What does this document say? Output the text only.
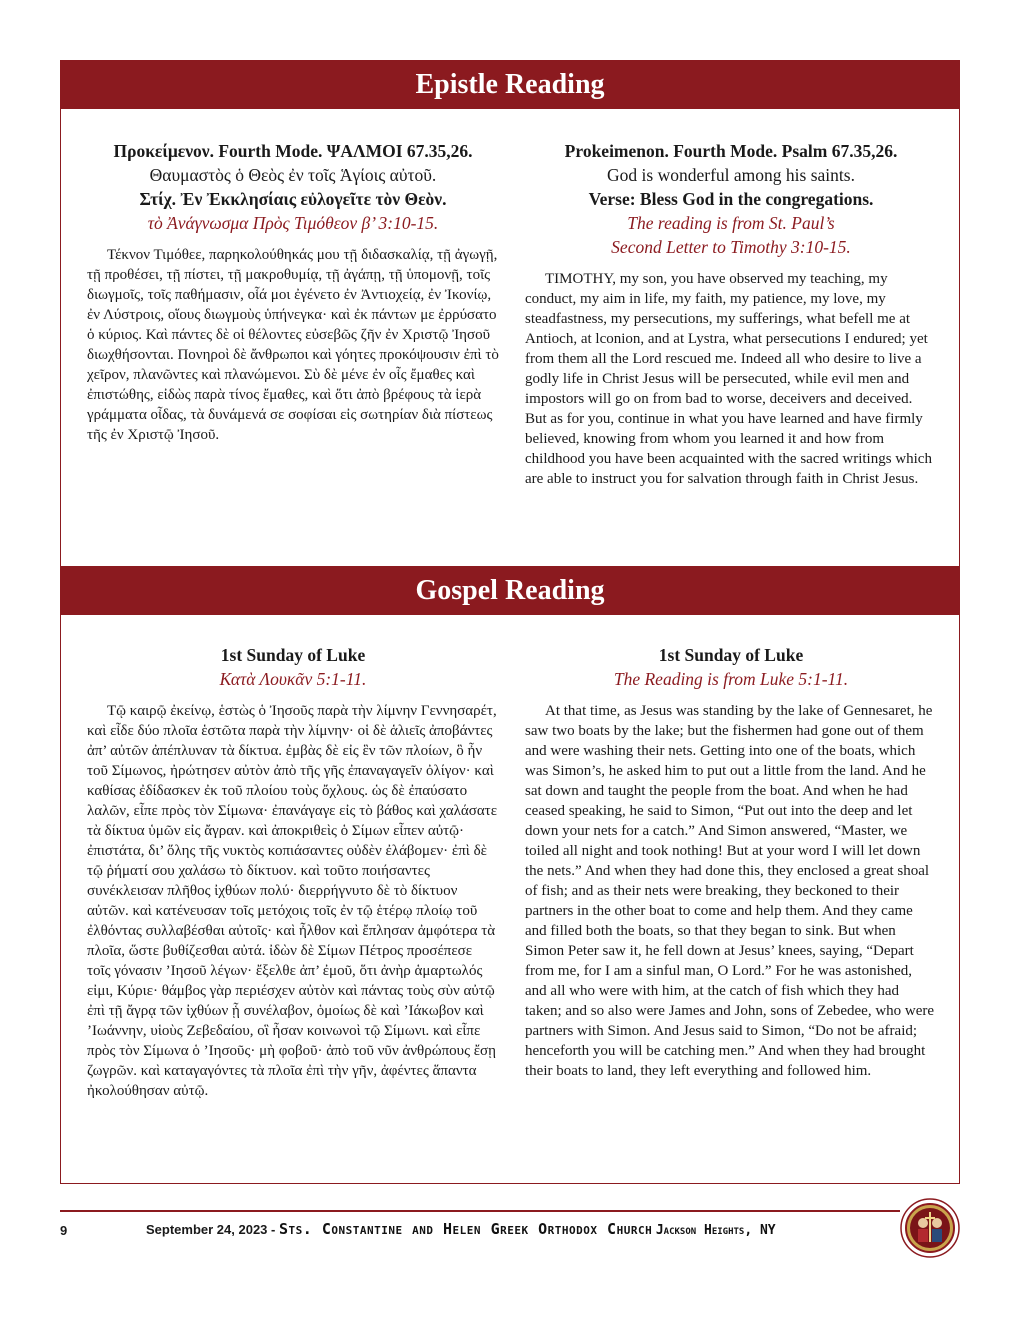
Epistle Reading
Προκείμενον. Fourth Mode. ΨΑΛΜΟΙ 67.35,26.
Θαυμαστὸς ὁ Θεὸς ἐν τοῖς Ἁγίοις αὐτοῦ.
Στίχ. Ἐν Ἐκκλησίαις εὐλογεῖτε τὸν Θεὸν.
τὸ Ἀνάγνωσμα Πρὸς Τιμόθεον β’ 3:10-15.

Τέκνον Τιμόθεε, παρηκολούθηκάς μου τῇ διδασκαλίᾳ, τῇ ἀγωγῇ, τῇ προθέσει, τῇ πίστει, τῇ μακροθυμίᾳ, τῇ ἀγάπῃ, τῇ ὑπομονῇ, τοῖς διωγμοῖς, τοῖς παθήμασιν, οἷά μοι ἐγένετο ἐν Ἀντιοχείᾳ, ἐν Ἰκονίῳ, ἐν Λύστροις, οἵους διωγμοὺς ὑπήνεγκα· καὶ ἐκ πάντων με ἐρρύσατο ὁ κύριος. Καὶ πάντες δὲ οἱ θέλοντες εὐσεβῶς ζῆν ἐν Χριστῷ Ἰησοῦ διωχθήσονται. Πονηροὶ δὲ ἄνθρωποι καὶ γόητες προκόψουσιν ἐπὶ τὸ χεῖρον, πλανῶντες καὶ πλανώμενοι. Σὺ δὲ μένε ἐν οἷς ἔμαθες καὶ ἐπιστώθης, εἰδὼς παρὰ τίνος ἔμαθες, καὶ ὅτι ἀπὸ βρέφους τὰ ἱερὰ γράμματα οἶδας, τὰ δυνάμενά σε σοφίσαι εἰς σωτηρίαν διὰ πίστεως τῆς ἐν Χριστῷ Ἰησοῦ.

Prokeimenon. Fourth Mode. Psalm 67.35,26.
God is wonderful among his saints.
Verse: Bless God in the congregations.
The reading is from St. Paul’s
Second Letter to Timothy 3:10-15.

TIMOTHY, my son, you have observed my teaching, my conduct, my aim in life, my faith, my patience, my love, my steadfastness, my persecutions, my sufferings, what befell me at Antioch, at lconion, and at Lystra, what persecutions I endured; yet from them all the Lord rescued me. Indeed all who desire to live a godly life in Christ Jesus will be persecuted, while evil men and impostors will go on from bad to worse, deceivers and deceived. But as for you, continue in what you have learned and have firmly believed, knowing from whom you learned it and how from childhood you have been acquainted with the sacred writings which are able to instruct you for salvation through faith in Christ Jesus.

Gospel Reading
1st Sunday of Luke
Κατὰ Λουκᾶν 5:1-11.

Τῷ καιρῷ ἐκείνῳ, ἑστὼς ὁ Ἰησοῦς παρὰ τὴν λίμνην Γεννησαρέτ, καὶ εἶδε δύο πλοῖα ἑστῶτα παρὰ τὴν λίμνην· οἱ δὲ ἁλιεῖς ἀποβάντες ἀπ’ αὐτῶν ἀπέπλυναν τὰ δίκτυα. ἐμβὰς δὲ εἰς ἓν τῶν πλοίων, ὃ ἦν τοῦ Σίμωνος, ἠρώτησεν αὐτὸν ἀπὸ τῆς γῆς ἐπαναγαγεῖν ὀλίγον· καὶ καθίσας ἐδίδασκεν ἐκ τοῦ πλοίου τοὺς ὄχλους. ὡς δὲ ἐπαύσατο λαλῶν, εἶπε πρὸς τὸν Σίμωνα· ἐπανάγαγε εἰς τὸ βάθος καὶ χαλάσατε τὰ δίκτυα ὑμῶν εἰς ἄγραν. καὶ ἀποκριθεὶς ὁ Σίμων εἶπεν αὐτῷ· ἐπιστάτα, δι’ ὅλης τῆς νυκτὸς κοπιάσαντες οὐδὲν ἐλάβομεν· ἐπὶ δὲ τῷ ῥήματί σου χαλάσω τὸ δίκτυον. καὶ τοῦτο ποιήσαντες συνέκλεισαν πλῆθος ἰχθύων πολύ· διερρήγνυτο δὲ τὸ δίκτυον αὐτῶν. καὶ κατένευσαν τοῖς μετόχοις τοῖς ἐν τῷ ἑτέρῳ πλοίῳ τοῦ ἐλθόντας συλλαβέσθαι αὐτοῖς· καὶ ἦλθον καὶ ἔπλησαν ἀμφότερα τὰ πλοῖα, ὥστε βυθίζεσθαι αὐτά. ἰδὼν δὲ Σίμων Πέτρος προσέπεσε τοῖς γόνασιν ’Ιησοῦ λέγων· ἔξελθε ἀπ’ ἐμοῦ, ὅτι ἀνὴρ ἁμαρτωλός εἰμι, Κύριε· θάμβος γὰρ περιέσχεν αὐτὸν καὶ πάντας τοὺς σὺν αὐτῷ ἐπὶ τῇ ἄγρᾳ τῶν ἰχθύων ᾗ συνέλαβον, ὁμοίως δὲ καὶ ’Ιάκωβον καὶ ’Ιωάννην, υἱοὺς Ζεβεδαίου, οἳ ἦσαν κοινωνοὶ τῷ Σίμωνι. καὶ εἶπε πρὸς τὸν Σίμωνα ὁ ’Ιησοῦς· μὴ φοβοῦ· ἀπὸ τοῦ νῦν ἀνθρώπους ἔσῃ ζωγρῶν. καὶ καταγαγόντες τὰ πλοῖα ἐπὶ τὴν γῆν, ἀφέντες ἅπαντα ἠκολούθησαν αὐτῷ.

1st Sunday of Luke
The Reading is from Luke 5:1-11.

At that time, as Jesus was standing by the lake of Gennesaret, he saw two boats by the lake; but the fishermen had gone out of them and were washing their nets. Getting into one of the boats, which was Simon’s, he asked him to put out a little from the land. And he sat down and taught the people from the boat. And when he had ceased speaking, he said to Simon, “Put out into the deep and let down your nets for a catch.” And Simon answered, “Master, we toiled all night and took nothing! But at your word I will let down the nets.” And when they had done this, they enclosed a great shoal of fish; and as their nets were breaking, they beckoned to their partners in the other boat to come and help them. And they came and filled both the boats, so that they began to sink. But when Simon Peter saw it, he fell down at Jesus’ knees, saying, “Depart from me, for I am a sinful man, O Lord.” For he was astonished, and all who were with him, at the catch of fish which they had taken; and so also were James and John, sons of Zebedee, who were partners with Simon. And Jesus said to Simon, “Do not be afraid; henceforth you will be catching men.” And when they had brought their boats to land, they left everything and followed him.

9	September 24, 2023 - Sts. Constantine and Helen Greek Orthodox Church Jackson Heights, NY
